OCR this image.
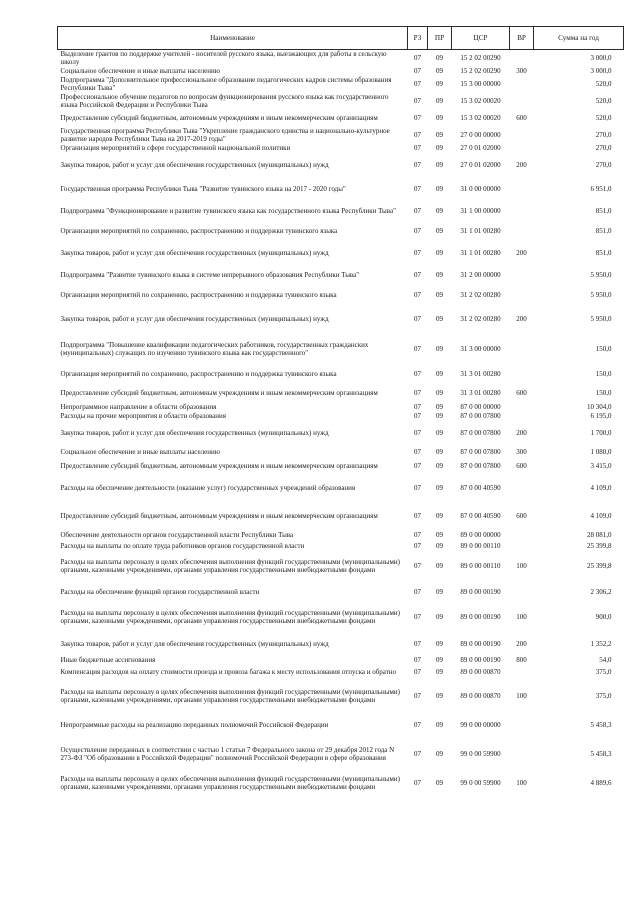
Наименование	РЗ	ПР	ЦСР	ВР	Сумма на год
Выделение грантов по поддержке учителей - носителей русского языка, выезжающих для работы в сельскую школу	07	09	15 2 02 00290		3 000,0
Социальное обеспечение и иные выплаты населению	07	09	15 2 02 00290	300	3 000,0
Подпрограмма "Дополнительное профессиональное образование педагогических кадров системы образования Республики Тыва"	07	09	15 3 00 00000		520,0
Профессиональное обучение педагогов по вопросам функционирования русского языка как государственного языка Российской Федерации и Республики Тыва	07	09	15 3 02 00020		520,0
Предоставление субсидий бюджетным, автономным учреждениям и иным некоммерческим организациям	07	09	15 3 02 00020	600	520,0
Государственная программа Республики Тыва "Укрепление гражданского единства и национально-культурное развитие народов Республики Тыва на 2017-2019 годы"	07	09	27 0 00 00000		270,0
Организация мероприятий в сфере государственной национальной политики	07	09	27 0 01 02000		270,0
Закупка товаров, работ и услуг для обеспечения государственных (муниципальных) нужд	07	09	27 0 01 02000	200	270,0
Государственная программа Республики Тыва "Развитие тувинского языка на 2017 - 2020 годы"	07	09	31 0 00 00000		6 951,0
Подпрограмма "Функционирование и развитие тувинского языка как государственного языка Республики Тыва"	07	09	31 1 00 00000		851,0
Организация мероприятий по сохранению, распространению и поддержки тувинского языка	07	09	31 1 01 00280		851,0
Закупка товаров, работ и услуг для обеспечения государственных (муниципальных) нужд	07	09	31 1 01 00280	200	851,0
Подпрограмма "Развитие тувинского языка в системе непрерывного образования Республики Тыва"	07	09	31 2 00 00000		5 950,0
Организация мероприятий по сохранению, распространению и поддержка тувинского языка	07	09	31 2 02 00280		5 950,0
Закупка товаров, работ и услуг для обеспечения государственных (муниципальных) нужд	07	09	31 2 02 00280	200	5 950,0
Подпрограмма "Повышение квалификации педагогических работников, государственных гражданских (муниципальных) служащих по изучению тувинского языка как государственного"	07	09	31 3 00 00000		150,0
Организация мероприятий по сохранению, распространению и поддержка тувинского языка	07	09	31 3 01 00280		150,0
Предоставление субсидий бюджетным, автономным учреждениям и иным некоммерческим организациям	07	09	31 3 01 00280	600	150,0
Непрограммное направление в области образования	07	09	87 0 00 00000		10 304,0
Расходы на прочие мероприятия в области образования	07	09	87 0 00 07800		6 195,0
Закупка товаров, работ и услуг для обеспечения государственных (муниципальных) нужд	07	09	87 0 00 07800	200	1 700,0
Социальное обеспечение и иные выплаты населению	07	09	87 0 00 07800	300	1 080,0
Предоставление субсидий бюджетным, автономным учреждениям и иным некоммерческим организациям	07	09	87 0 00 07800	600	3 415,0
Расходы на обеспечение деятельности (оказание услуг) государственных учреждений образования	07	09	87 0 00 40590		4 109,0
Предоставление субсидий бюджетным, автономным учреждениям и иным некоммерческим организациям	07	09	87 0 00 40590	600	4 109,0
Обеспечение деятельности органов государственной власти Республики Тыва	07	09	89 0 00 00000		28 081,0
Расходы на выплаты по оплате труда работников органов государственной власти	07	09	89 0 00 00110		25 399,8
Расходы на выплаты персоналу в целях обеспечения выполнения функций государственными (муниципальными) органами, казенными учреждениями, органами управления государственными внебюджетными фондами	07	09	89 0 00 00110	100	25 399,8
Расходы на обеспечение функций органов государственной власти	07	09	89 0 00 00190		2 306,2
Расходы на выплаты персоналу в целях обеспечения выполнения функций государственными (муниципальными) органами, казенными учреждениями, органами управления государственными внебюджетными фондами	07	09	89 0 00 00190	100	900,0
Закупка товаров, работ и услуг для обеспечения государственных (муниципальных) нужд	07	09	89 0 00 00190	200	1 352,2
Иные бюджетные ассигнования	07	09	89 0 00 00190	800	54,0
Компенсация расходов на оплату стоимости проезда и провоза багажа к месту использования отпуска и обратно	07	09	89 0 00 00870		375,0
Расходы на выплаты персоналу в целях обеспечения выполнения функций государственными (муниципальными) органами, казенными учреждениями, органами управления государственными внебюджетными фондами	07	09	89 0 00 00870	100	375,0
Непрограммные расходы на реализацию переданных полномочий Российской Федерации	07	09	99 0 00 00000		5 458,3
Осуществление переданных в соответствии с частью 1 статьи 7 Федерального закона от 29 декабря 2012 года N 273-ФЗ "Об образовании в Российской Федерации" полномочий Российской Федерации в сфере образования	07	09	99 0 00 59900		5 458,3
Расходы на выплаты персоналу в целях обеспечения выполнения функций государственными (муниципальными) органами, казенными учреждениями, органами управления государственными внебюджетными фондами	07	09	99 0 00 59900	100	4 889,6
